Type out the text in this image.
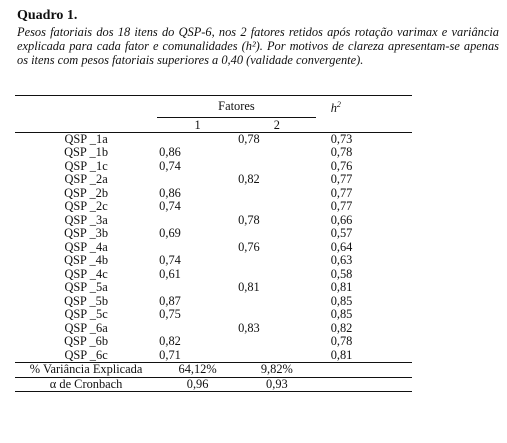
Quadro 1.
Pesos fatoriais dos 18 itens do QSP-6, nos 2 fatores retidos após rotação varimax e variância explicada para cada fator e comunalidades (h²). Por motivos de clareza apresentam-se apenas os itens com pesos fatoriais superiores a 0,40 (validade convergente).
	Fatores		$h^2$
	1	2	
QSP _1a		0,78	0,73
QSP _1b	0,86		0,78
QSP _1c	0,74		0,76
QSP _2a		0,82	0,77
QSP _2b	0,86		0,77
QSP _2c	0,74		0,77
QSP _3a		0,78	0,66
QSP _3b	0,69		0,57
QSP _4a		0,76	0,64
QSP _4b	0,74		0,63
QSP _4c	0,61		0,58
QSP _5a		0,81	0,81
QSP _5b	0,87		0,85
QSP _5c	0,75		0,85
QSP _6a		0,83	0,82
QSP _6b	0,82		0,78
QSP _6c	0,71		0,81
% Variância Explicada	64,12%	9,82%	
α de Cronbach	0,96	0,93	
